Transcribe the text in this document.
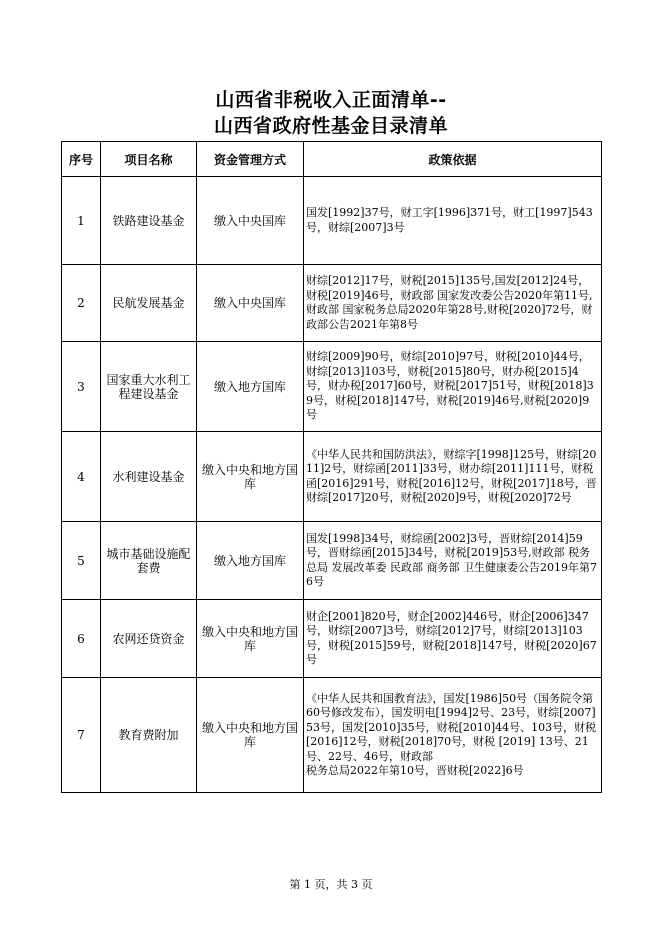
山西省非税收入正面清单--
山西省政府性基金目录清单
序号	项目名称	资金管理方式	政策依据
1	铁路建设基金	缴入中央国库	国发[1992]37号，财工字[1996]371号，财工[1997]543号，财综[2007]3号
2	民航发展基金	缴入中央国库	财综[2012]17号，财税[2015]135号,国发[2012]24号，财税[2019]46号，财政部 国家发改委公告2020年第11号,财政部 国家税务总局2020年第28号,财税[2020]72号，财政部公告2021年第8号
3	国家重大水利工程建设基金	缴入地方国库	财综[2009]90号，财综[2010]97号，财税[2010]44号，财综[2013]103号，财税[2015]80号，财办税[2015]4号，财办税[2017]60号，财税[2017]51号，财税[2018]39号，财税[2018]147号，财税[2019]46号,财税[2020]9号
4	水利建设基金	缴入中央和地方国库	《中华人民共和国防洪法》，财综字[1998]125号，财综[2011]2号，财综函[2011]33号，财办综[2011]111号，财税函[2016]291号，财税[2016]12号，财税[2017]18号，晋财综[2017]20号，财税[2020]9号，财税[2020]72号
5	城市基础设施配套费	缴入地方国库	国发[1998]34号，财综函[2002]3号，晋财综[2014]59号，晋财综函[2015]34号，财税[2019]53号,财政部 税务总局 发展改革委 民政部 商务部 卫生健康委公告2019年第76号
6	农网还贷资金	缴入中央和地方国库	财企[2001]820号，财企[2002]446号，财企[2006]347号，财综[2007]3号，财综[2012]7号，财综[2013]103号，财税[2015]59号，财税[2018]147号，财税[2020]67号
7	教育费附加	缴入中央和地方国库	《中华人民共和国教育法》，国发[1986]50号（国务院令第60号修改发布），国发明电[1994]2号、23号，财综[2007]53号，国发[2010]35号，财税[2010]44号、103号，财税[2016]12号，财税[2018]70号，财税 [2019] 13号、21号、22号、46号，财政部
税务总局2022年第10号，晋财税[2022]6号
第 1 页，共 3 页
